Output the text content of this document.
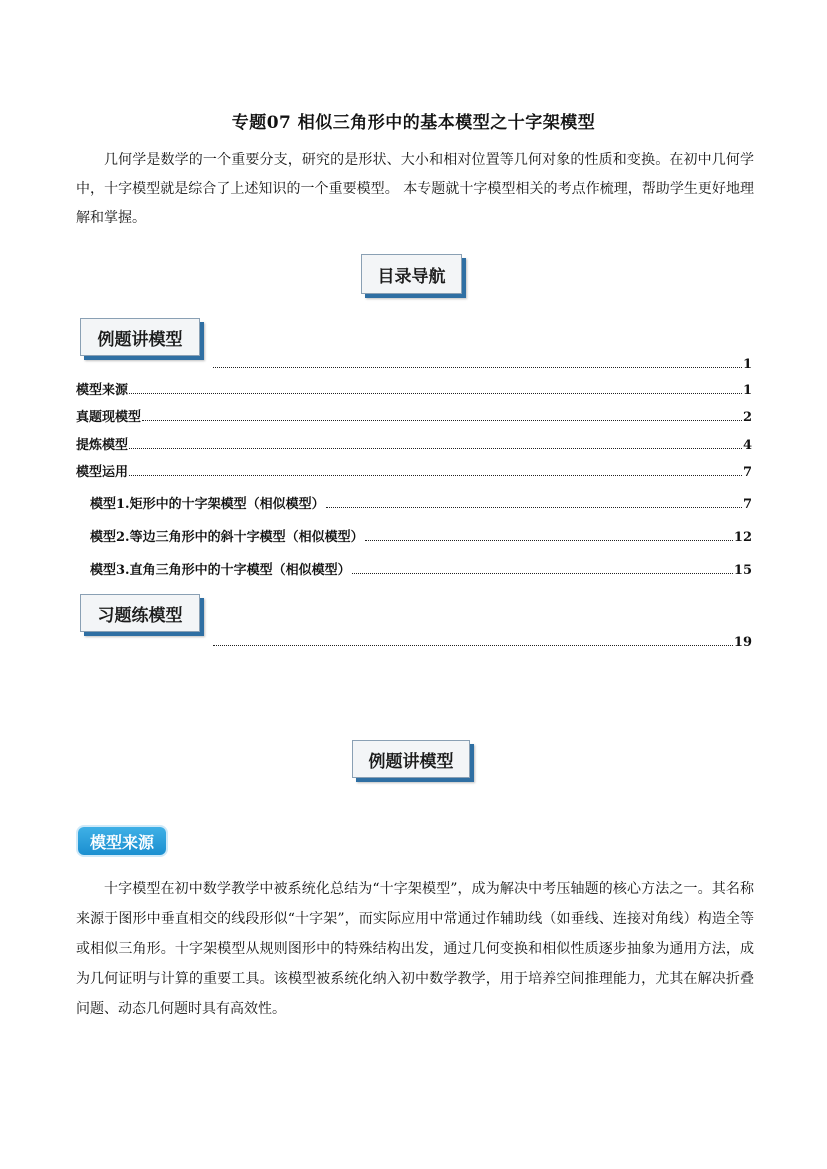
专题07 相似三角形中的基本模型之十字架模型
几何学是数学的一个重要分支，研究的是形状、大小和相对位置等几何对象的性质和变换。在初中几何学中，十字模型就是综合了上述知识的一个重要模型。 本专题就十字模型相关的考点作梳理，帮助学生更好地理解和掌握。
目录导航
例题讲模型
1
模型来源	1
真题现模型	2
提炼模型	4
模型运用	7
模型1.矩形中的十字架模型（相似模型）	7
模型2.等边三角形中的斜十字模型（相似模型）	12
模型3.直角三角形中的十字模型（相似模型）	15
习题练模型
19
例题讲模型
模型来源
十字模型在初中数学教学中被系统化总结为“十字架模型”，成为解决中考压轴题的核心方法之一。其名称来源于图形中垂直相交的线段形似“十字架”，而实际应用中常通过作辅助线（如垂线、连接对角线）构造全等或相似三角形。十字架模型从规则图形中的特殊结构出发，通过几何变换和相似性质逐步抽象为通用方法，成为几何证明与计算的重要工具。该模型被系统化纳入初中数学教学，用于培养空间推理能力，尤其在解决折叠问题、动态几何题时具有高效性。
